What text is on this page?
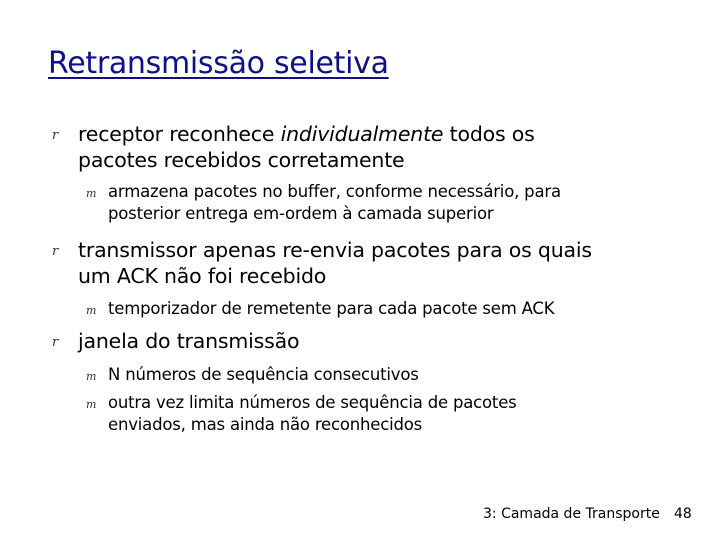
Retransmissão seletiva
r receptor reconhece individualmente todos os
pacotes recebidos corretamente
m armazena pacotes no buffer, conforme necessário, para
posterior entrega em-ordem à camada superior
r transmissor apenas re-envia pacotes para os quais
um ACK não foi recebido
m temporizador de remetente para cada pacote sem ACK
r janela do transmissão
m N números de sequência consecutivos
m outra vez limita números de sequência de pacotes
enviados, mas ainda não reconhecidos
3: Camada de Transporte 48
